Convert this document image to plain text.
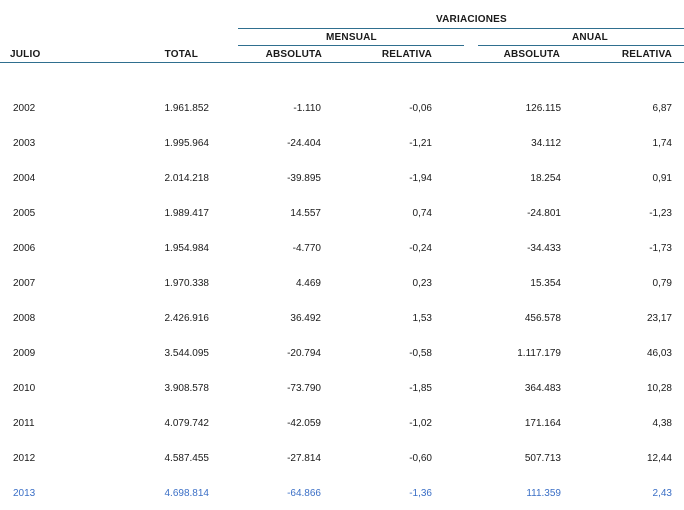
VARIACIONES
MENSUAL	ANUAL
JULIO	TOTAL	ABSOLUTA	RELATIVA	ABSOLUTA	RELATIVA
2002	1.961.852	-1.110	-0,06	126.115	6,87
2003	1.995.964	-24.404	-1,21	34.112	1,74
2004	2.014.218	-39.895	-1,94	18.254	0,91
2005	1.989.417	14.557	0,74	-24.801	-1,23
2006	1.954.984	-4.770	-0,24	-34.433	-1,73
2007	1.970.338	4.469	0,23	15.354	0,79
2008	2.426.916	36.492	1,53	456.578	23,17
2009	3.544.095	-20.794	-0,58	1.117.179	46,03
2010	3.908.578	-73.790	-1,85	364.483	10,28
2011	4.079.742	-42.059	-1,02	171.164	4,38
2012	4.587.455	-27.814	-0,60	507.713	12,44
2013	4.698.814	-64.866	-1,36	111.359	2,43
